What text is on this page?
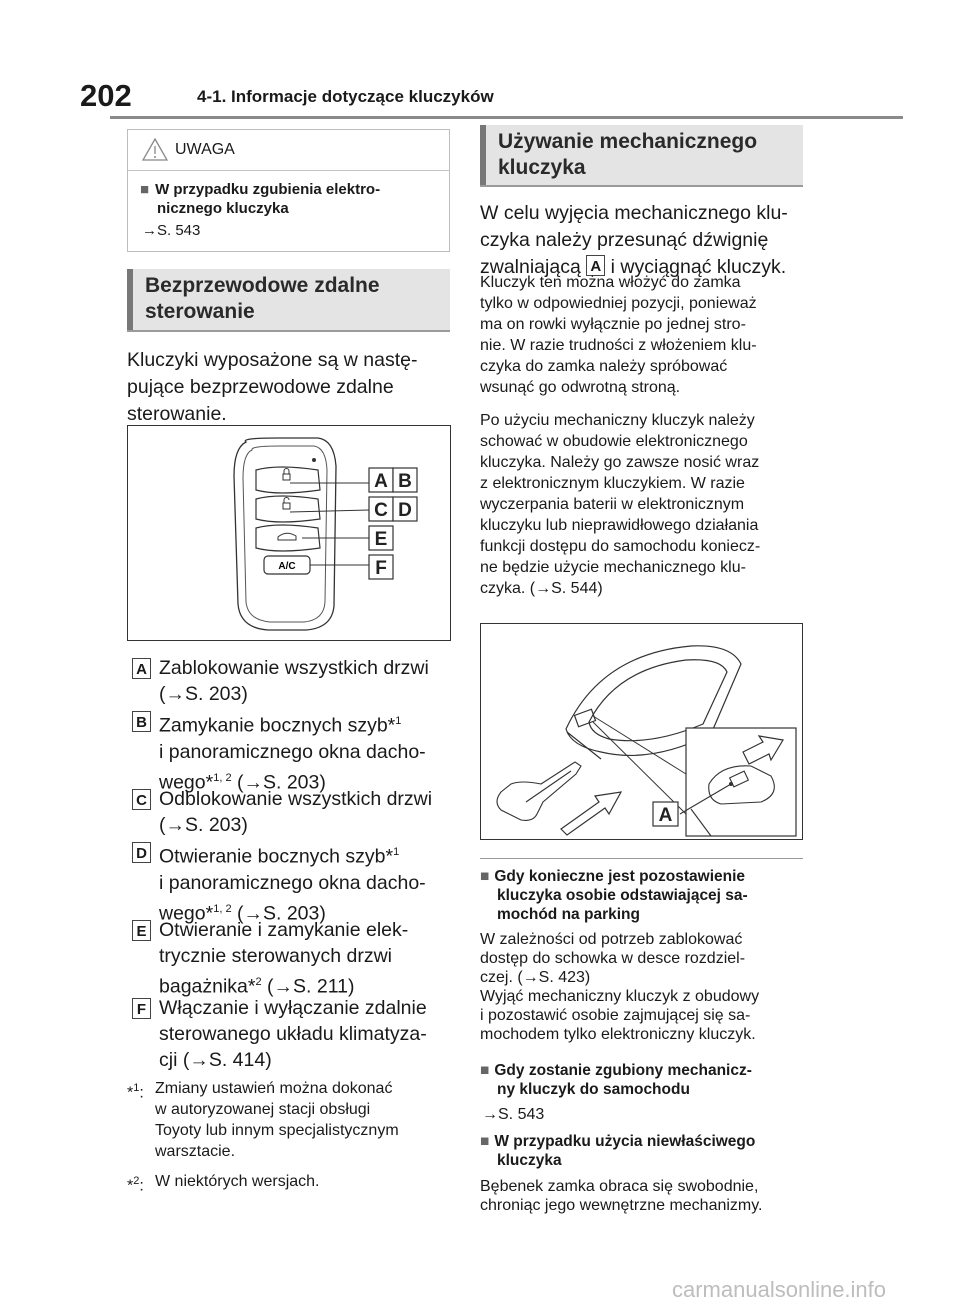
202	4-1. Informacje dotyczące kluczyków
UWAGA
■ W przypadku zgubienia elektro-
nicznego kluczyka
→S. 543
Bezprzewodowe zdalne
sterowanie
Kluczyki wyposażone są w nastę-
pujące bezprzewodowe zdalne
sterowanie.
A/C
A B
C D
E
F
A Zablokowanie wszystkich drzwi
(→S. 203)
B Zamykanie bocznych szyb*$^1$
i panoramicznego okna dacho-
wego*$^{1, 2}$ (→S. 203)
C Odblokowanie wszystkich drzwi
(→S. 203)
D Otwieranie bocznych szyb*$^1$
i panoramicznego okna dacho-
wego*$^{1, 2}$ (→S. 203)
E Otwieranie i zamykanie elek-
trycznie sterowanych drzwi
bagażnika*$^2$ (→S. 211)
F Włączanie i wyłączanie zdalnie
sterowanego układu klimatyza-
cji (→S. 414)
*$^1$: Zmiany ustawień można dokonać
w autoryzowanej stacji obsługi
Toyoty lub innym specjalistycznym
warsztacie.
*$^2$: W niektórych wersjach.
Używanie mechanicznego
kluczyka
W celu wyjęcia mechanicznego klu-
czyka należy przesunąć dźwignię
zwalniającą A i wyciągnąć kluczyk.
Kluczyk ten można włożyć do zamka
tylko w odpowiedniej pozycji, ponieważ
ma on rowki wyłącznie po jednej stro-
nie. W razie trudności z włożeniem klu-
czyka do zamka należy spróbować
wsunąć go odwrotną stroną.
Po użyciu mechaniczny kluczyk należy
schować w obudowie elektronicznego
kluczyka. Należy go zawsze nosić wraz
z elektronicznym kluczykiem. W razie
wyczerpania baterii w elektronicznym
kluczyku lub nieprawidłowego działania
funkcji dostępu do samochodu koniecz-
ne będzie użycie mechanicznego klu-
czyka. (→S. 544)
A
■ Gdy konieczne jest pozostawienie
kluczyka osobie odstawiającej sa-
mochód na parking
W zależności od potrzeb zablokować
dostęp do schowka w desce rozdziel-
czej. (→S. 423)
Wyjąć mechaniczny kluczyk z obudowy
i pozostawić osobie zajmującej się sa-
mochodem tylko elektroniczny kluczyk.
■ Gdy zostanie zgubiony mechanicz-
ny kluczyk do samochodu
→S. 543
■ W przypadku użycia niewłaściwego
kluczyka
Bębenek zamka obraca się swobodnie,
chroniąc jego wewnętrzne mechanizmy.
carmanualsonline.info
